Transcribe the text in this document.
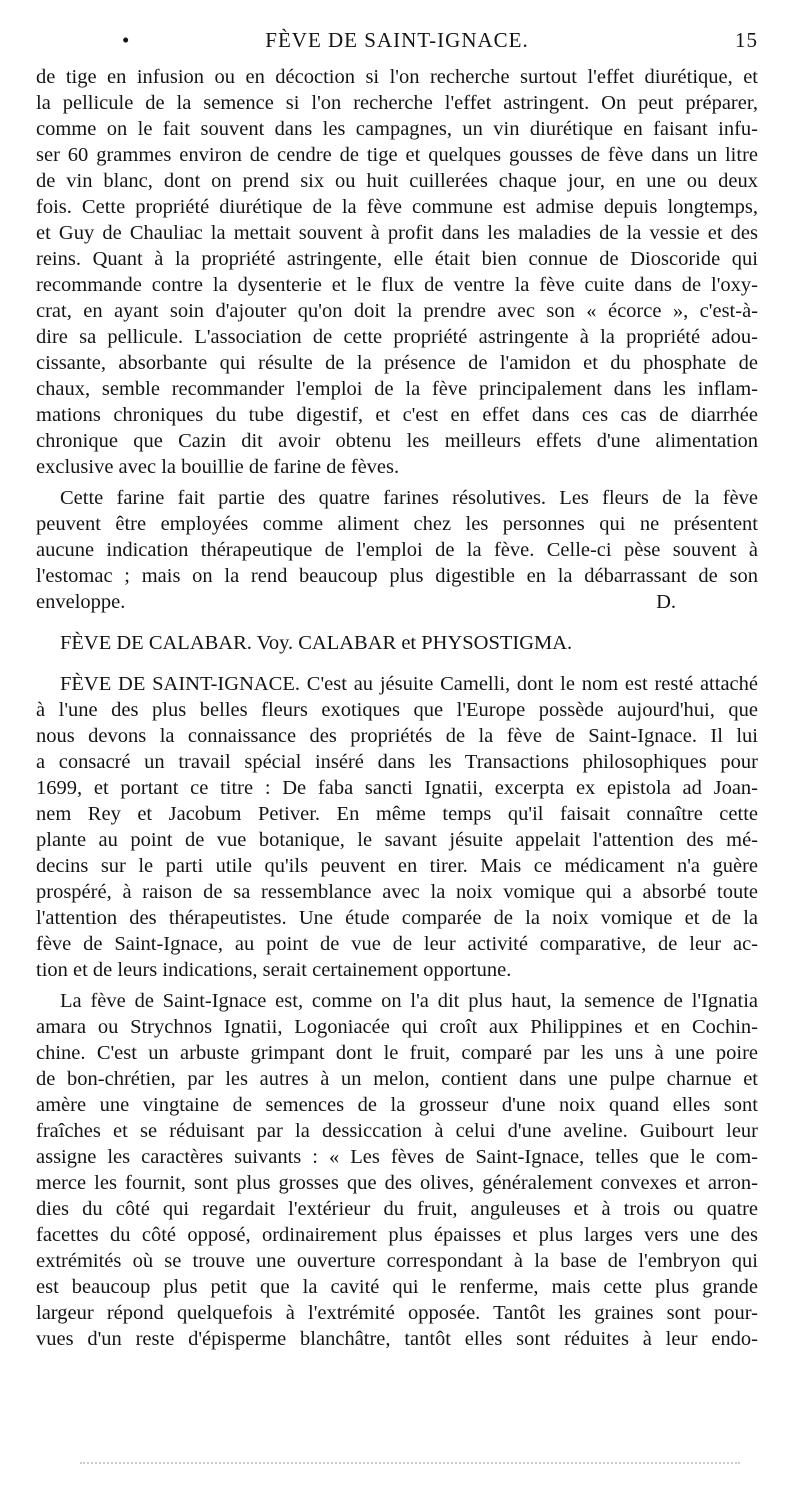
•	FÈVE DE SAINT-IGNACE.	15
de tige en infusion ou en décoction si l'on recherche surtout l'effet diurétique, et
la pellicule de la semence si l'on recherche l'effet astringent. On peut préparer,
comme on le fait souvent dans les campagnes, un vin diurétique en faisant infu-
ser 60 grammes environ de cendre de tige et quelques gousses de fève dans un litre
de vin blanc, dont on prend six ou huit cuillerées chaque jour, en une ou deux
fois. Cette propriété diurétique de la fève commune est admise depuis longtemps,
et Guy de Chauliac la mettait souvent à profit dans les maladies de la vessie et des
reins. Quant à la propriété astringente, elle était bien connue de Dioscoride qui
recommande contre la dysenterie et le flux de ventre la fève cuite dans de l'oxy-
crat, en ayant soin d'ajouter qu'on doit la prendre avec son « écorce », c'est-à-
dire sa pellicule. L'association de cette propriété astringente à la propriété adou-
cissante, absorbante qui résulte de la présence de l'amidon et du phosphate de
chaux, semble recommander l'emploi de la fève principalement dans les inflam-
mations chroniques du tube digestif, et c'est en effet dans ces cas de diarrhée
chronique que Cazin dit avoir obtenu les meilleurs effets d'une alimentation
exclusive avec la bouillie de farine de fèves.
Cette farine fait partie des quatre farines résolutives. Les fleurs de la fève
peuvent être employées comme aliment chez les personnes qui ne présentent
aucune indication thérapeutique de l'emploi de la fève. Celle-ci pèse souvent à
l'estomac ; mais on la rend beaucoup plus digestible en la débarrassant de son
enveloppe.
FÈVE DE CALABAR. Voy. CALABAR et PHYSOSTIGMA.
FÈVE DE SAINT-IGNACE. C'est au jésuite Camelli, dont le nom est resté attaché
à l'une des plus belles fleurs exotiques que l'Europe possède aujourd'hui, que
nous devons la connaissance des propriétés de la fève de Saint-Ignace. Il lui
a consacré un travail spécial inséré dans les Transactions philosophiques pour
1699, et portant ce titre : De faba sancti Ignatii, excerpta ex epistola ad Joan-
nem Rey et Jacobum Petiver. En même temps qu'il faisait connaître cette
plante au point de vue botanique, le savant jésuite appelait l'attention des mé-
decins sur le parti utile qu'ils peuvent en tirer. Mais ce médicament n'a guère
prospéré, à raison de sa ressemblance avec la noix vomique qui a absorbé toute
l'attention des thérapeutistes. Une étude comparée de la noix vomique et de la
fève de Saint-Ignace, au point de vue de leur activité comparative, de leur ac-
tion et de leurs indications, serait certainement opportune.
La fève de Saint-Ignace est, comme on l'a dit plus haut, la semence de l'Ignatia
amara ou Strychnos Ignatii, Logoniacée qui croît aux Philippines et en Cochin-
chine. C'est un arbuste grimpant dont le fruit, comparé par les uns à une poire
de bon-chrétien, par les autres à un melon, contient dans une pulpe charnue et
amère une vingtaine de semences de la grosseur d'une noix quand elles sont
fraîches et se réduisant par la dessiccation à celui d'une aveline. Guibourt leur
assigne les caractères suivants : « Les fèves de Saint-Ignace, telles que le com-
merce les fournit, sont plus grosses que des olives, généralement convexes et arron-
dies du côté qui regardait l'extérieur du fruit, anguleuses et à trois ou quatre
facettes du côté opposé, ordinairement plus épaisses et plus larges vers une des
extrémités où se trouve une ouverture correspondant à la base de l'embryon qui
est beaucoup plus petit que la cavité qui le renferme, mais cette plus grande
largeur répond quelquefois à l'extrémité opposée. Tantôt les graines sont pour-
vues d'un reste d'épisperme blanchâtre, tantôt elles sont réduites à leur endo-
D.
